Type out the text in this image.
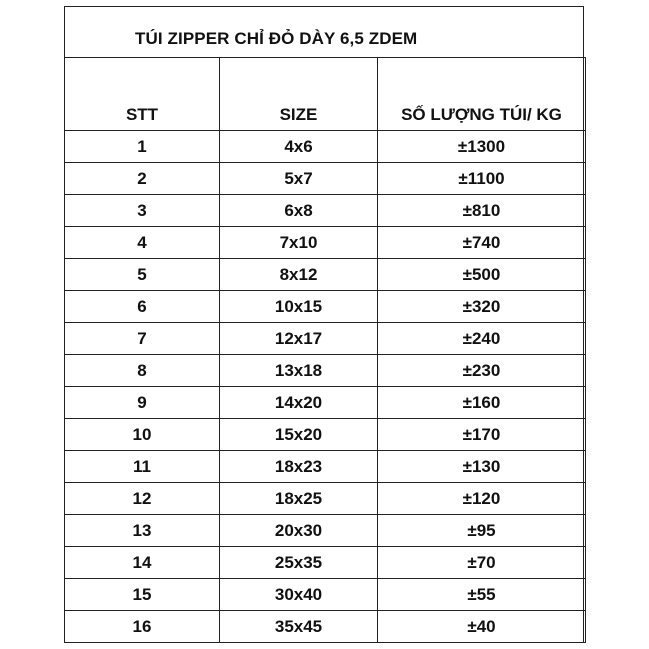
TÚI ZIPPER CHỈ ĐỎ DÀY 6,5 ZDEM
STT	SIZE	SỐ LƯỢNG TÚI/ KG
1	4x6	±1300
2	5x7	±1100
3	6x8	±810
4	7x10	±740
5	8x12	±500
6	10x15	±320
7	12x17	±240
8	13x18	±230
9	14x20	±160
10	15x20	±170
11	18x23	±130
12	18x25	±120
13	20x30	±95
14	25x35	±70
15	30x40	±55
16	35x45	±40
